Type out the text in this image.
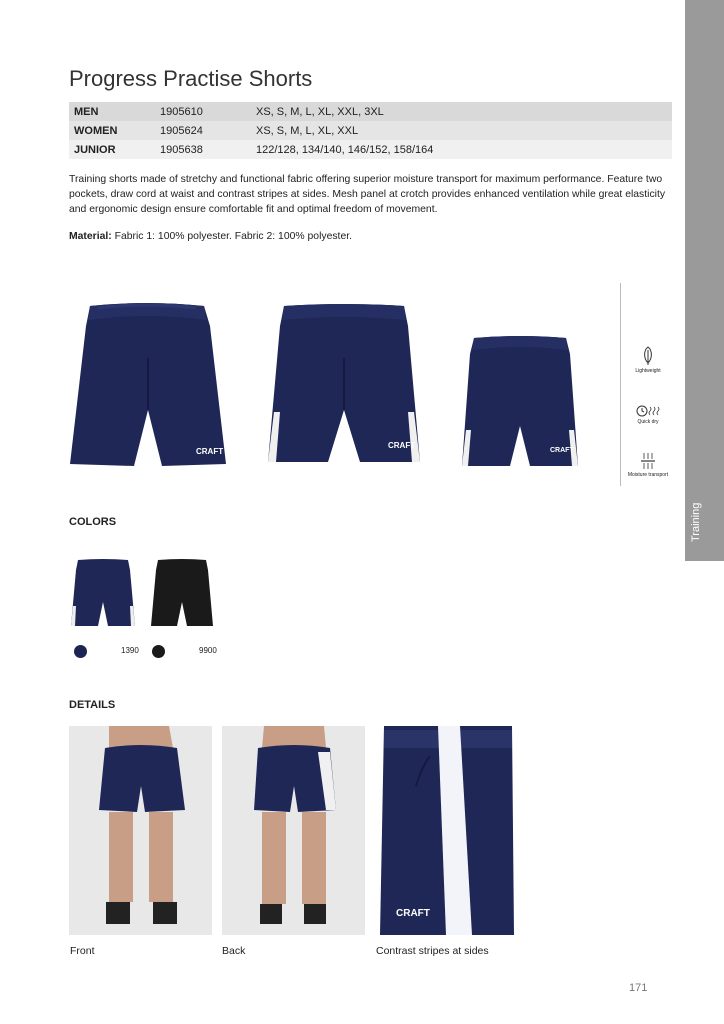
Training
Progress Practise Shorts
MEN	1905610	XS, S, M, L, XL, XXL, 3XL
WOMEN	1905624	XS, S, M, L, XL, XXL
JUNIOR	1905638	122/128, 134/140, 146/152, 158/164
Training shorts made of stretchy and functional fabric offering superior moisture transport for maximum performance. Feature two pockets, draw cord at waist and contrast stripes at sides. Mesh panel at crotch provides enhanced ventilation while great elasticity and ergonomic design ensure comfortable fit and optimal freedom of movement.
Material: Fabric 1: 100% polyester. Fabric 2: 100% polyester.
CRAFT
CRAFT
CRAFT
Lightweight
Quick dry
Moisture transport
COLORS
1390	9900
DETAILS
CRAFT
Front	Back	Contrast stripes at sides
171
